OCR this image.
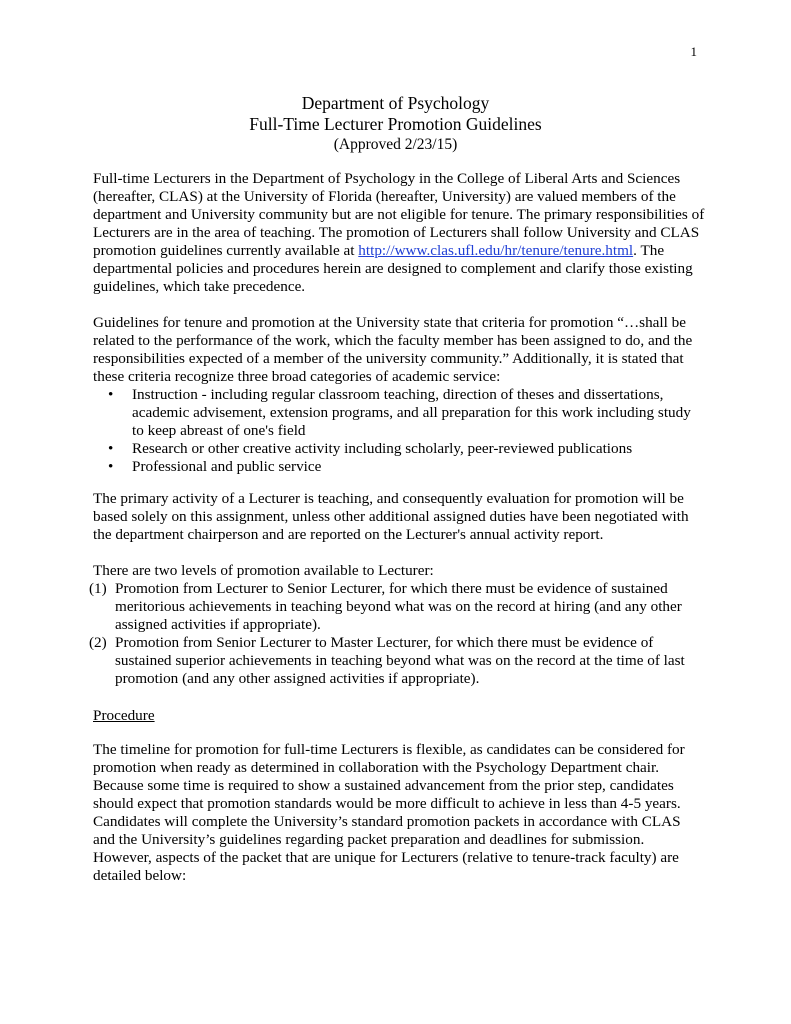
1
Department of Psychology
Full-Time Lecturer Promotion Guidelines
(Approved 2/23/15)
Full-time Lecturers in the Department of Psychology in the College of Liberal Arts and Sciences (hereafter, CLAS) at the University of Florida (hereafter, University) are valued members of the department and University community but are not eligible for tenure. The primary responsibilities of Lecturers are in the area of teaching. The promotion of Lecturers shall follow University and CLAS promotion guidelines currently available at http://www.clas.ufl.edu/hr/tenure/tenure.html. The departmental policies and procedures herein are designed to complement and clarify those existing guidelines, which take precedence.
Guidelines for tenure and promotion at the University state that criteria for promotion “…shall be related to the performance of the work, which the faculty member has been assigned to do, and the responsibilities expected of a member of the university community.” Additionally, it is stated that these criteria recognize three broad categories of academic service:
• Instruction - including regular classroom teaching, direction of theses and dissertations, academic advisement, extension programs, and all preparation for this work including study to keep abreast of one's field
• Research or other creative activity including scholarly, peer-reviewed publications
• Professional and public service
The primary activity of a Lecturer is teaching, and consequently evaluation for promotion will be based solely on this assignment, unless other additional assigned duties have been negotiated with the department chairperson and are reported on the Lecturer's annual activity report.
There are two levels of promotion available to Lecturer:
(1) Promotion from Lecturer to Senior Lecturer, for which there must be evidence of sustained meritorious achievements in teaching beyond what was on the record at hiring (and any other assigned activities if appropriate).
(2) Promotion from Senior Lecturer to Master Lecturer, for which there must be evidence of sustained superior achievements in teaching beyond what was on the record at the time of last promotion (and any other assigned activities if appropriate).
Procedure
The timeline for promotion for full-time Lecturers is flexible, as candidates can be considered for promotion when ready as determined in collaboration with the Psychology Department chair. Because some time is required to show a sustained advancement from the prior step, candidates should expect that promotion standards would be more difficult to achieve in less than 4-5 years. Candidates will complete the University’s standard promotion packets in accordance with CLAS and the University’s guidelines regarding packet preparation and deadlines for submission. However, aspects of the packet that are unique for Lecturers (relative to tenure-track faculty) are detailed below:
